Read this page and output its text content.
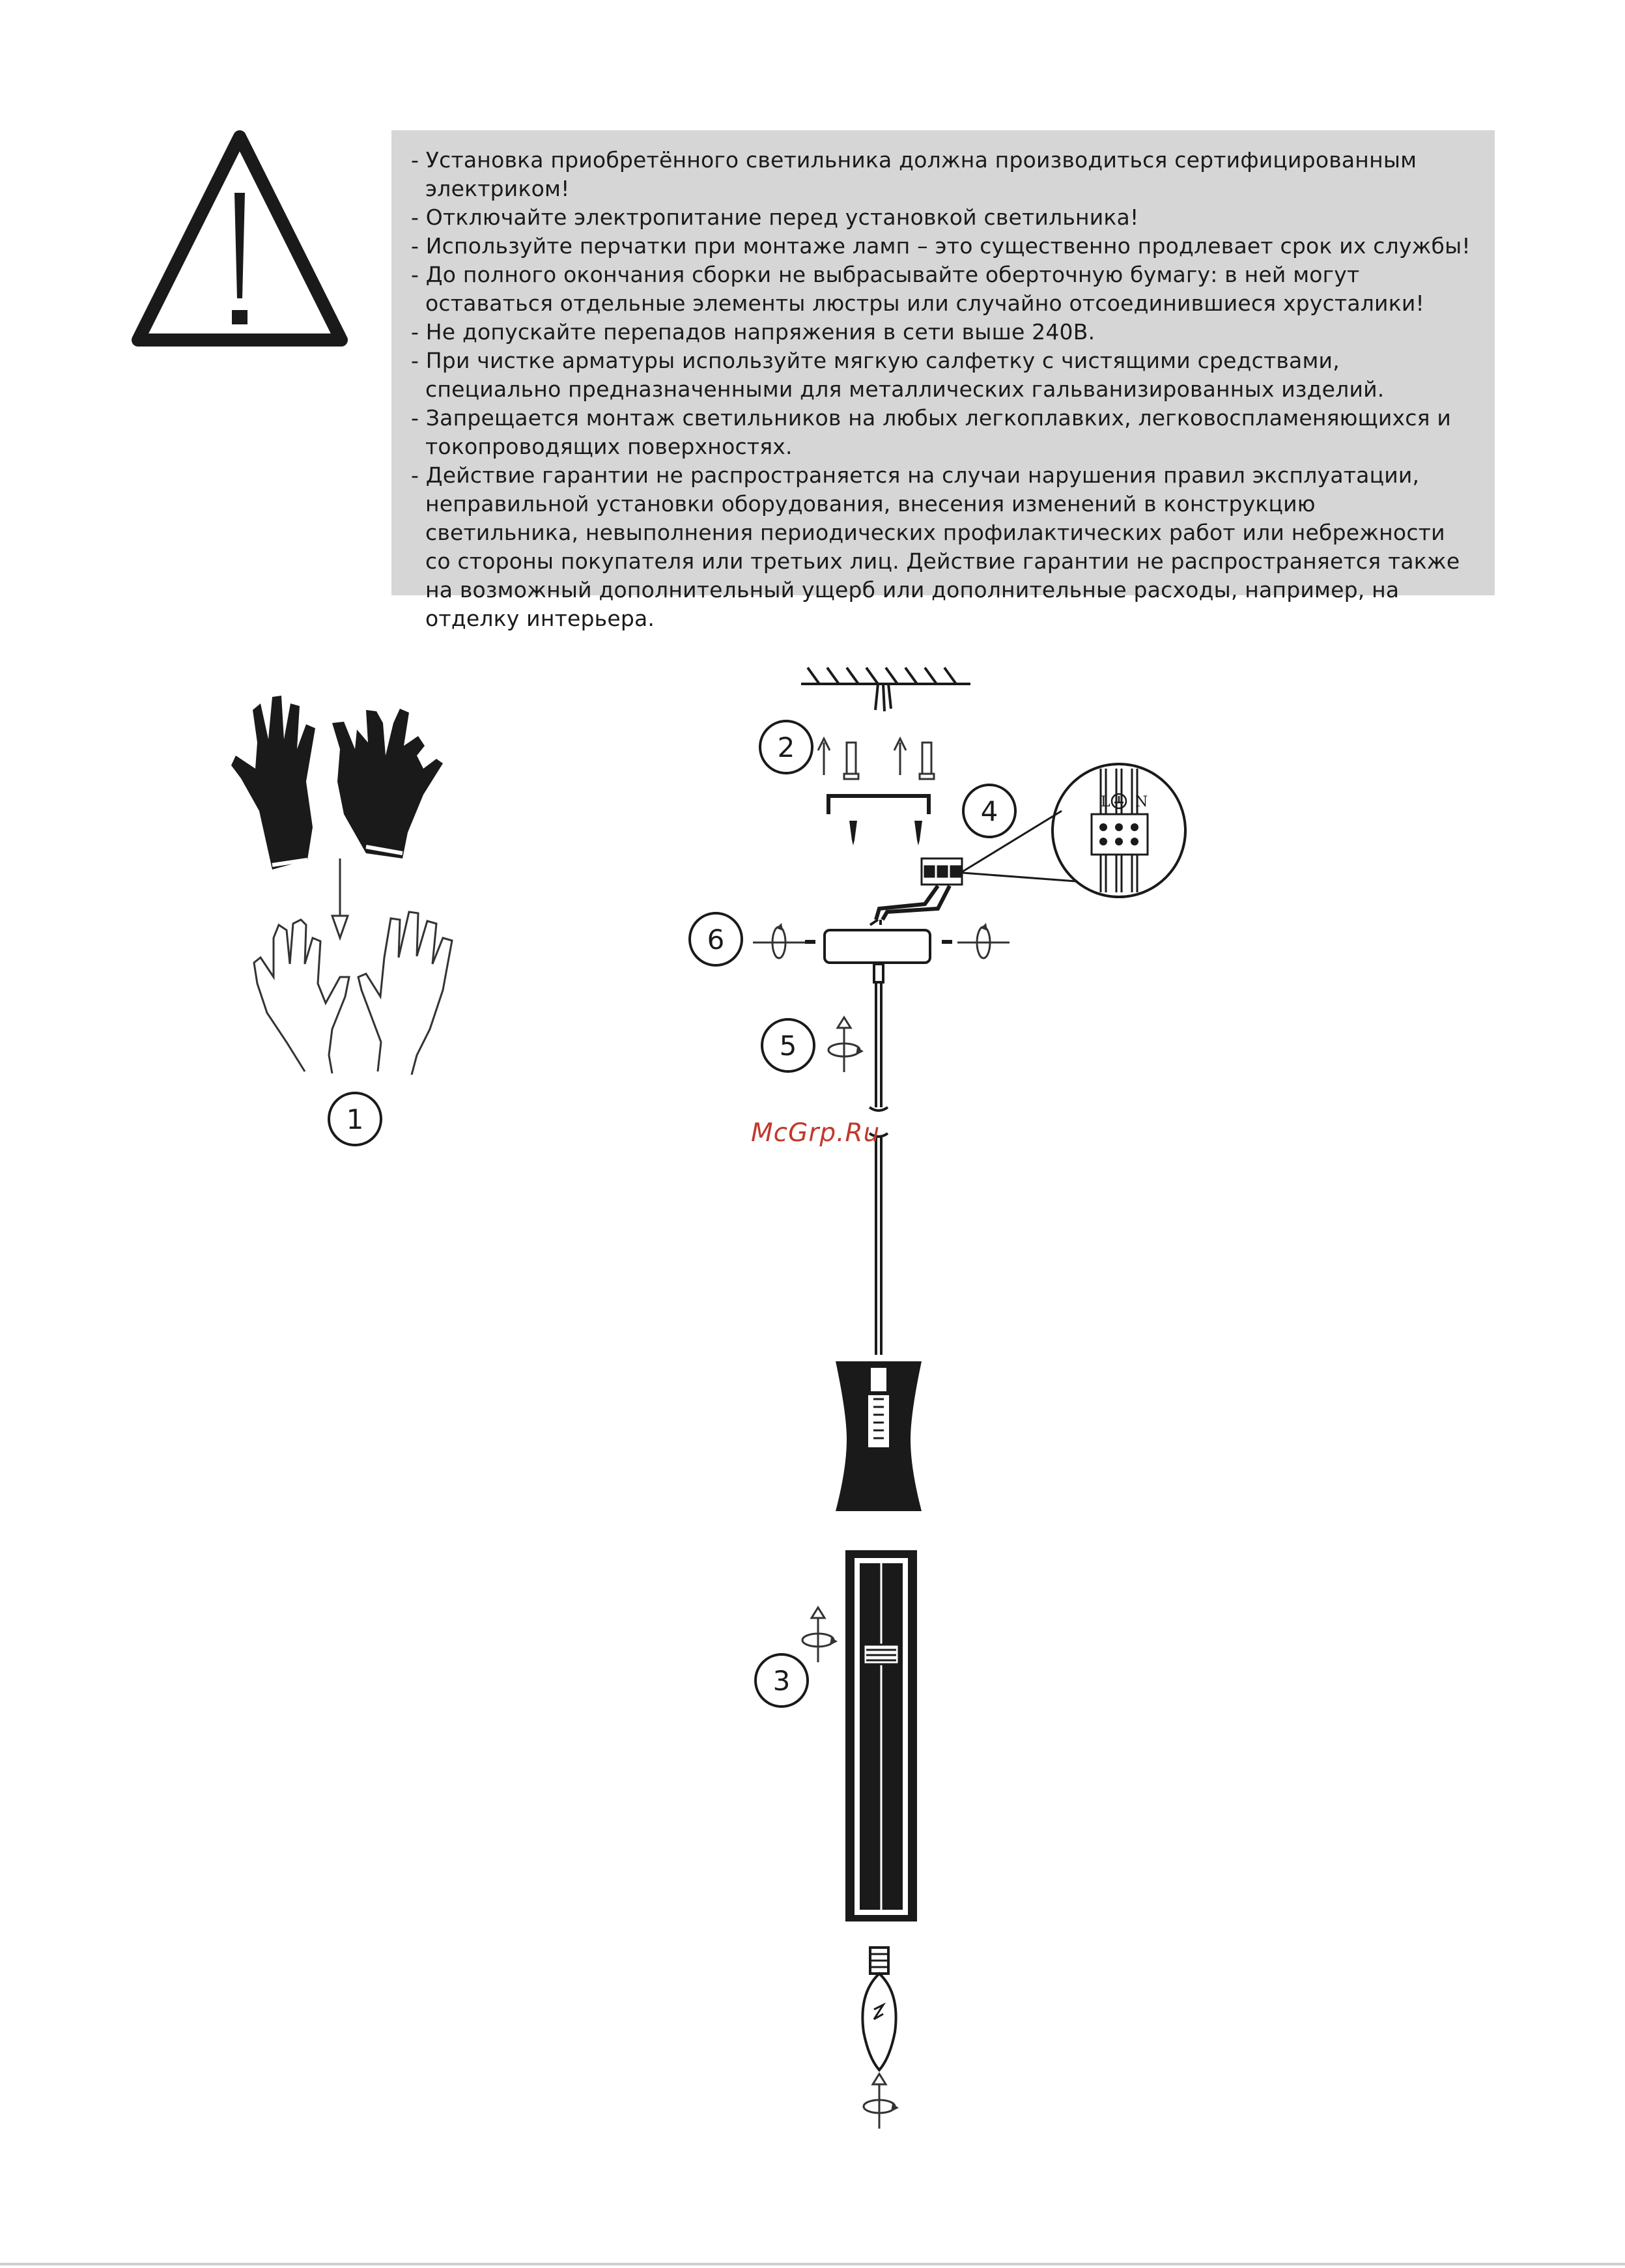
- Установка приобретённого светильника должна производиться сертифицированным электриком!
- Отключайте электропитание перед установкой светильника!
- Используйте перчатки при монтаже ламп – это существенно продлевает срок их службы!
- До полного окончания сборки не выбрасывайте оберточную бумагу: в ней могут оставаться отдельные элементы люстры или случайно отсоединившиеся хрусталики!
- Не допускайте перепадов напряжения в сети выше 240В.
- При чистке арматуры используйте мягкую салфетку с чистящими средствами, специально предназначенными для металлических гальванизированных изделий.
- Запрещается монтаж светильников на любых легкоплавких, легковоспламеняющихся и токопроводящих поверхностях.
- Действие гарантии не распространяется на случаи нарушения правил эксплуатации, неправильной установки оборудования, внесения изменений в конструкцию светильника, невыполнения периодических профилактических работ или небрежности со стороны покупателя или третьих лиц. Действие гарантии не распространяется также на возможный дополнительный ущерб или дополнительные расходы, например, на отделку интерьера.
1
2
4	L N
6
5
3
McGrp.Ru
